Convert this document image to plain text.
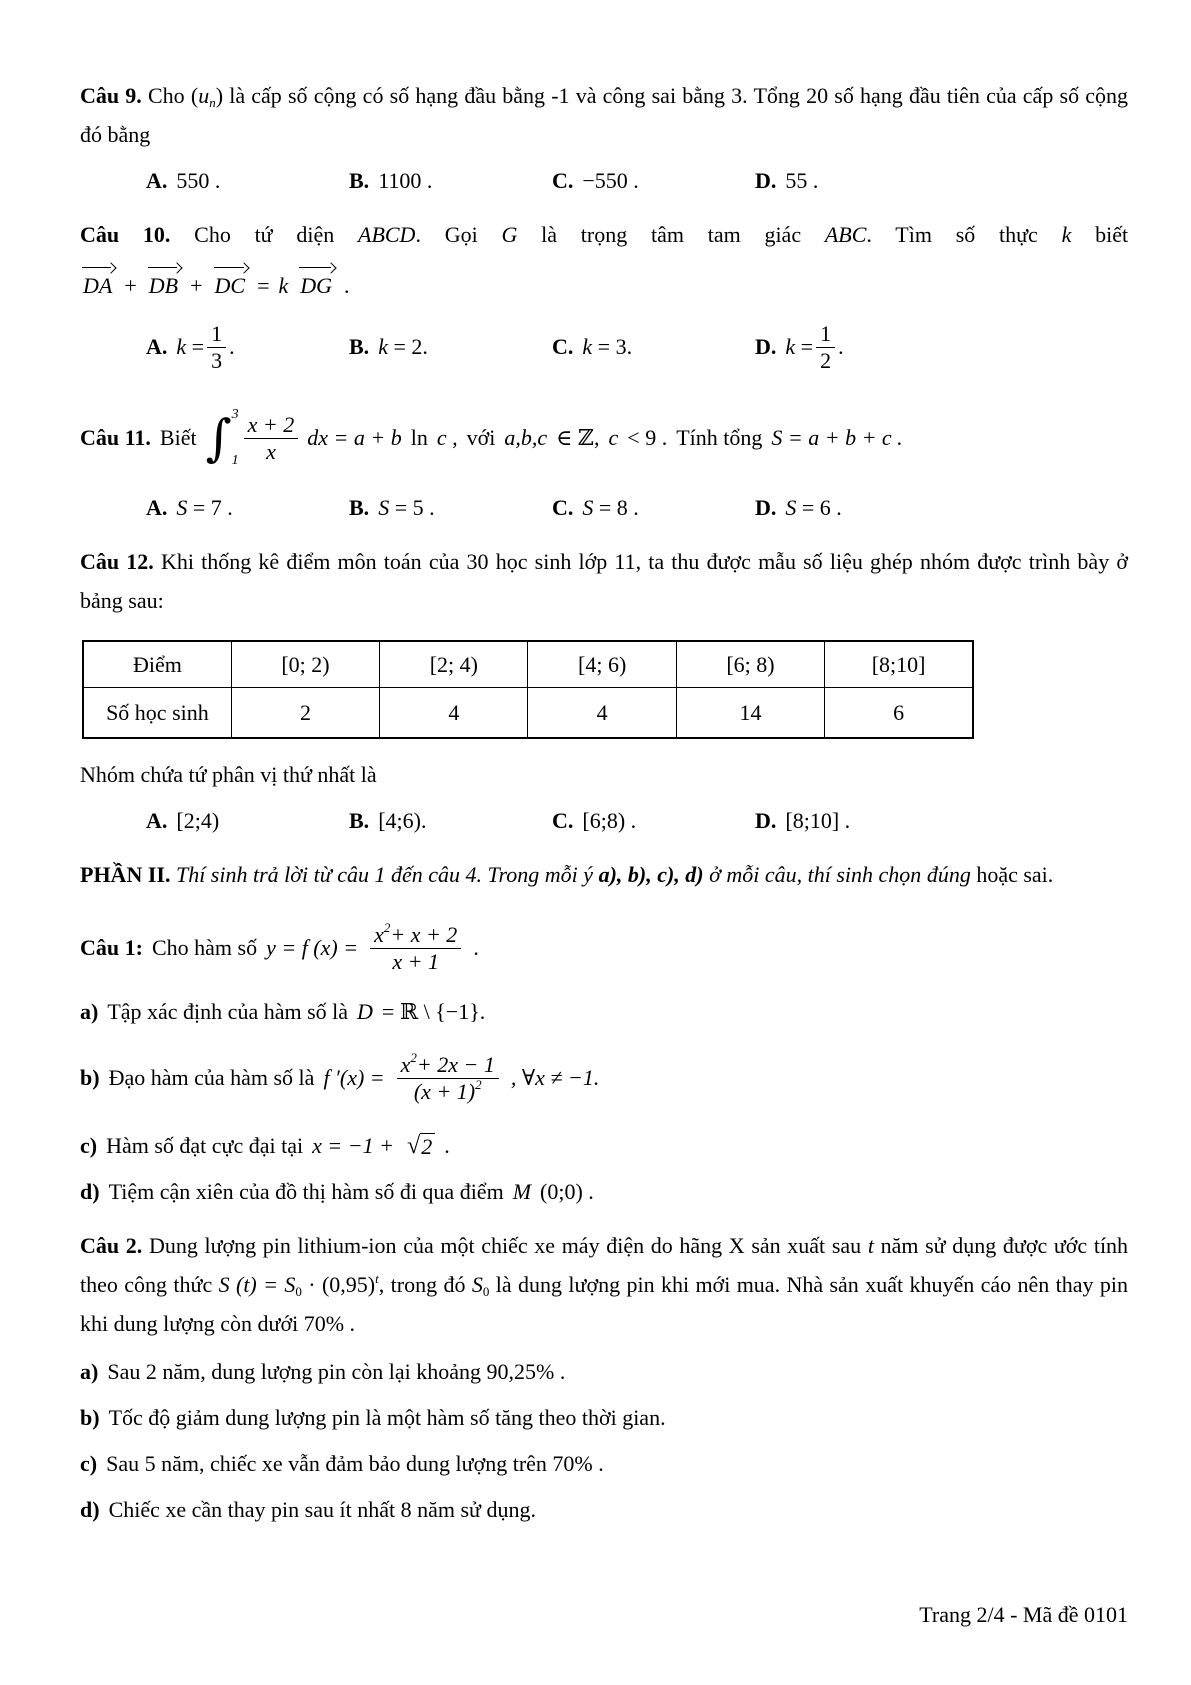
Câu 9. Cho $(u_n)$ là cấp số cộng có số hạng đầu bằng -1 và công sai bằng 3. Tổng 20 số hạng đầu tiên của cấp số cộng đó bằng

A. 550 .	B. 1100 .	C. −550 .	D. 55 .

Câu 10. Cho tứ diện ABCD. Gọi G là trọng tâm tam giác ABC. Tìm số thực k biết

DA + DB + DC = k DG .
A. k
= $\frac{1}{3}$ .	B. k
= 2.	C. k
= 3.	D. k
= $\frac{1}{2}$ .
Câu 11. Biết ∫ 3
$1 \frac{x + 2}{x}$ dx = a + b ln c , với a,b,c ∈ ℤ, c < 9 . Tính tổng S = a + b + c .
A. S
= 7 .	B. S
= 5 .	C. S
= 8 .	D. S
= 6 .

Câu 12. Khi thống kê điểm môn toán của 30 học sinh lớp 11, ta thu được mẫu số liệu ghép nhóm được trình bày ở bảng sau:

Điểm	[0; 2)	[2; 4)	[4; 6)	[6; 8)	[8;10]
Số học sinh	2	4	4	14	6

Nhóm chứa tứ phân vị thứ nhất là

A. [2;4)	B. [4;6).	C. [6;8) .	D. [8;10] .

PHẦN II. Thí sinh trả lời từ câu 1 đến câu 4. Trong mỗi ý a), b), c), d) ở mỗi câu, thí sinh chọn đúng hoặc sai.

Câu 1: Cho hàm số y = f $(x) = \frac{x^2+ x + 2}{x + 1}$ .
a) Tập xác định của hàm số là D = ℝ \ {−1}.
b) Đạo hàm của hàm số là f $'(x) = \frac{x^2+ 2x - 1}{(x + 1)^2}$ , ∀x ≠ −1.
c) Hàm số đạt cực đại tại x = −1 + √ 2 .
d) Tiệm cận xiên của đồ thị hàm số đi qua điểm M (0;0) .

Câu 2. Dung lượng pin lithium-ion của một chiếc xe máy điện do hãng X sản xuất sau t năm sử dụng được ước tính theo công thức S $(t) = S_0 \cdot (0,95)^t$, trong đó $S_0$ là dung lượng pin khi mới mua. Nhà sản xuất khuyến cáo nên thay pin khi dung lượng còn dưới 70% .

a) Sau 2 năm, dung lượng pin còn lại khoảng 90,25% .
b) Tốc độ giảm dung lượng pin là một hàm số tăng theo thời gian.
c) Sau 5 năm, chiếc xe vẫn đảm bảo dung lượng trên 70% .
d) Chiếc xe cần thay pin sau ít nhất 8 năm sử dụng.
Trang 2/4 - Mã đề 0101
